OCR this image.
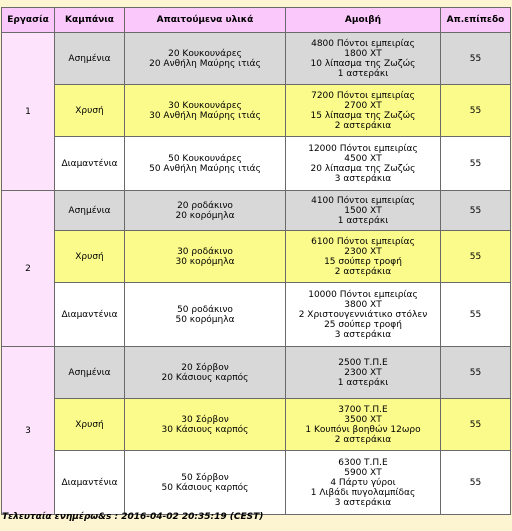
Εργασία	Καμπάνια	Απαιτούμενα υλικά	Αμοιβή	Απ.επίπεδο
1	Ασημένια	20 Κουκουνάρες
20 Ανθήλη Μαύρης ιτιάς	4800 Πόντοι εμπειρίας
1800 ΧΤ
10 λίπασμα της Ζωζώς
1 αστεράκι	55
	Χρυσή	30 Κουκουνάρες
30 Ανθήλη Μαύρης ιτιάς	7200 Πόντοι εμπειρίας
2700 ΧΤ
15 λίπασμα της Ζωζώς
2 αστεράκια	55
	Διαμαντένια	50 Κουκουνάρες
50 Ανθήλη Μαύρης ιτιάς	12000 Πόντοι εμπειρίας
4500 ΧΤ
20 λίπασμα της Ζωζώς
3 αστεράκια	55
2	Ασημένια	20 ροδάκινο
20 κορόμηλα	4100 Πόντοι εμπειρίας
1500 ΧΤ
1 αστεράκι	55
	Χρυσή	30 ροδάκινο
30 κορόμηλα	6100 Πόντοι εμπειρίας
2300 ΧΤ
15 σούπερ τροφή
2 αστεράκια	55
	Διαμαντένια	50 ροδάκινο
50 κορόμηλα	10000 Πόντοι εμπειρίας
3800 ΧΤ
2 Χριστουγεννιάτικο στόλεν
25 σούπερ τροφή
3 αστεράκια	55
3	Ασημένια	20 Σόρβον
20 Κάσιους καρπός	2500 Τ.Π.Ε
2300 ΧΤ
1 αστεράκι	55
	Χρυσή	30 Σόρβον
30 Κάσιους καρπός	3700 Τ.Π.Ε
3500 ΧΤ
1 Κουπόνι βοηθών 12ωρο
2 αστεράκια	55
	Διαμαντένια	50 Σόρβον
50 Κάσιους καρπός	6300 Τ.Π.Ε
5900 ΧΤ
4 Πάρτυ γύροι
1 Λιβάδι πυγολαμπίδας
3 αστεράκια	55
Τελευταία ενημέρω&s : 2016-04-02 20:35:19 (CEST)
